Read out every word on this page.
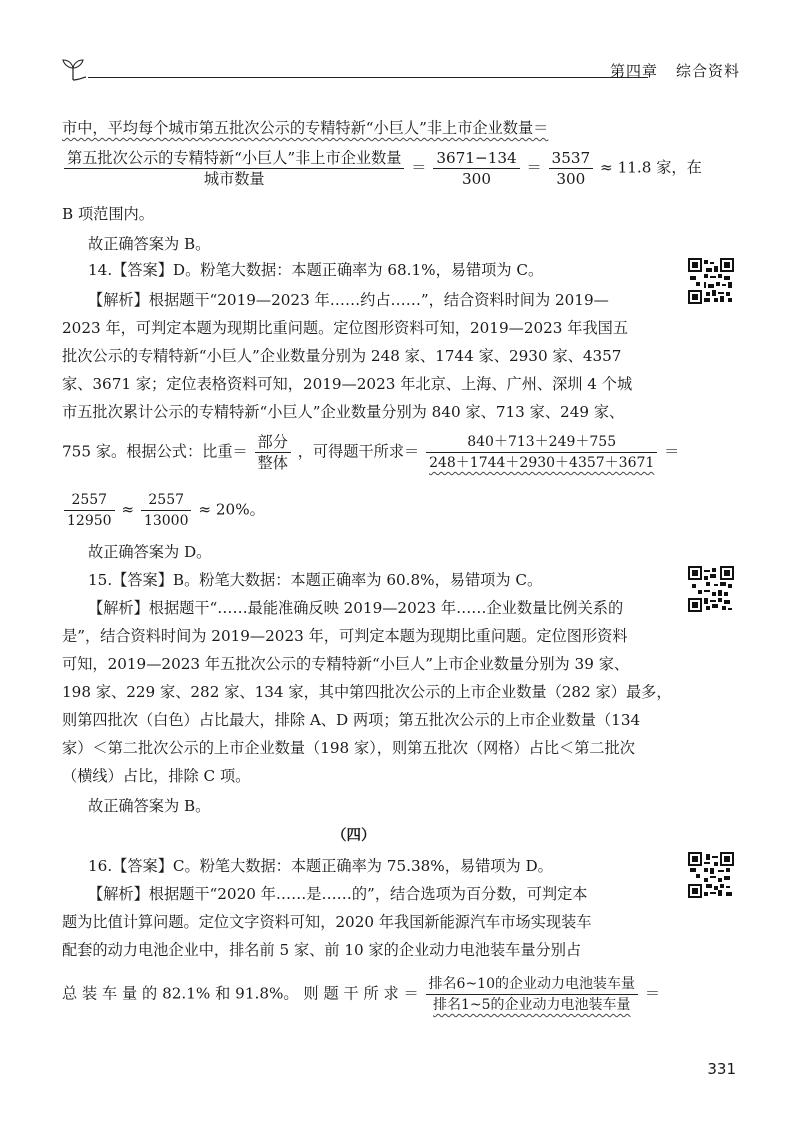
第四章 综合资料
市中，平均每个城市第五批次公示的专精特新“小巨人”非上市企业数量＝
$\frac{\text{第五批次公示的专精特新“小巨人”非上市企业数量}}{\text{城市数量}} = \frac{3671-134}{300} = \frac{3537}{300} \approx 11.8$ 家，在
B 项范围内。
故正确答案为 B。
14.【答案】D。粉笔大数据：本题正确率为 68.1%，易错项为 C。
【解析】根据题干“2019—2023 年……约占……”，结合资料时间为 2019—
2023 年，可判定本题为现期比重问题。定位图形资料可知，2019—2023 年我国五
批次公示的专精特新“小巨人”企业数量分别为 248 家、1744 家、2930 家、4357
家、3671 家；定位表格资料可知，2019—2023 年北京、上海、广州、深圳 4 个城
市五批次累计公示的专精特新“小巨人”企业数量分别为 840 家、713 家、249 家、
755 家。根据公式：比重＝ $\frac{\text{部分}}{\text{整体}}$ ，可得题干所求＝ $\frac{840+713+249+755}{248+1744+2930+4357+3671}$ ＝
$\frac{2557}{12950} \approx \frac{2557}{13000} \approx 20\%$。
故正确答案为 D。
15.【答案】B。粉笔大数据：本题正确率为 60.8%，易错项为 C。
【解析】根据题干“……最能准确反映 2019—2023 年……企业数量比例关系的
是”，结合资料时间为 2019—2023 年，可判定本题为现期比重问题。定位图形资料
可知，2019—2023 年五批次公示的专精特新“小巨人”上市企业数量分别为 39 家、
198 家、229 家、282 家、134 家，其中第四批次公示的上市企业数量（282 家）最多，
则第四批次（白色）占比最大，排除 A、D 两项；第五批次公示的上市企业数量（134
家）＜第二批次公示的上市企业数量（198 家），则第五批次（网格）占比＜第二批次
（横线）占比，排除 C 项。
故正确答案为 B。
（四）
16.【答案】C。粉笔大数据：本题正确率为 75.38%，易错项为 D。
【解析】根据题干“2020 年……是……的”，结合选项为百分数，可判定本
题为比值计算问题。定位文字资料可知，2020 年我国新能源汽车市场实现装车
配套的动力电池企业中，排名前 5 家、前 10 家的企业动力电池装车量分别占
总 装 车 量 的 82.1% 和 91.8%。 则 题 干 所 求 ＝ $\frac{\text{排名6\textasciitilde{}10的企业动力电池装车量}}{\text{排名1\textasciitilde{}5的企业动力电池装车量}}$ ＝
331
